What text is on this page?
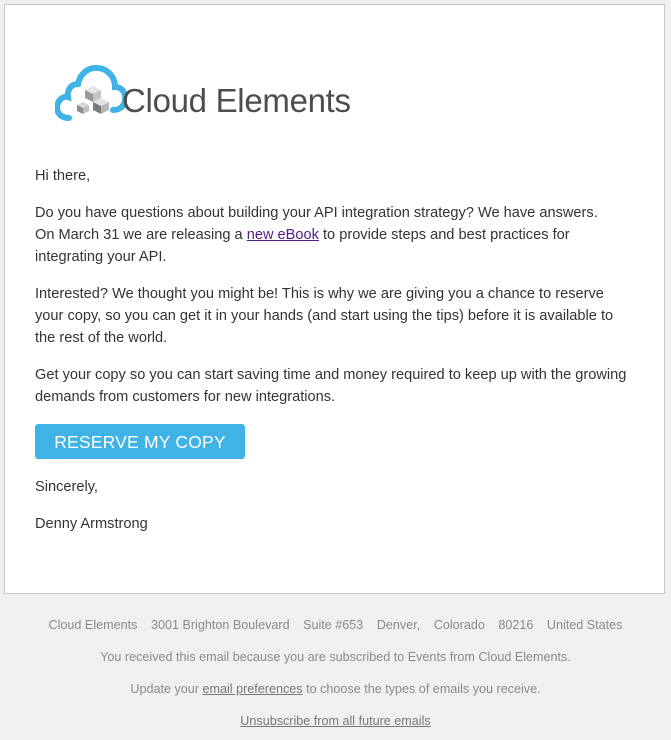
Cloud Elements

Hi there,

Do you have questions about building your API integration strategy? We have answers.
On March 31 we are releasing a new eBook to provide steps and best practices for integrating your API.

Interested? We thought you might be! This is why we are giving you a chance to reserve your copy, so you can get it in your hands (and start using the tips) before it is available to the rest of the world.

Get your copy so you can start saving time and money required to keep up with the growing demands from customers for new integrations.

RESERVE MY COPY

Sincerely,

Denny Armstrong

Cloud Elements 3001 Brighton Boulevard Suite #653 Denver, Colorado 80216 United States
You received this email because you are subscribed to Events from Cloud Elements.
Update your email preferences to choose the types of emails you receive.
Unsubscribe from all future emails
